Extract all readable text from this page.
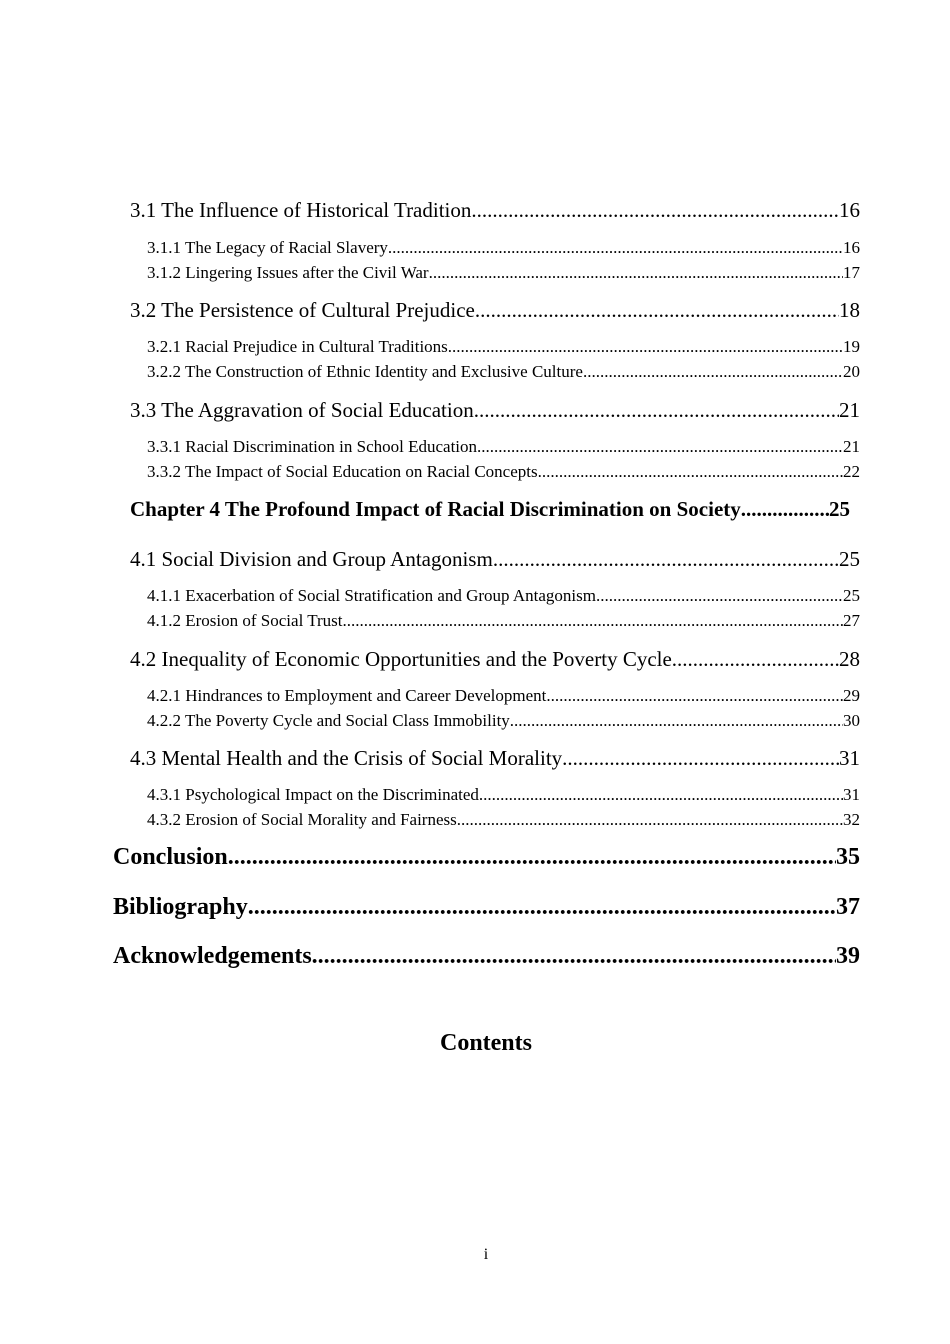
3.1 The Influence of Historical Tradition .....	16
3.1.1 The Legacy of Racial Slavery .....	16
3.1.2 Lingering Issues after the Civil War .....	17
3.2 The Persistence of Cultural Prejudice .....	18
3.2.1 Racial Prejudice in Cultural Traditions .....	19
3.2.2 The Construction of Ethnic Identity and Exclusive Culture .....	20
3.3 The Aggravation of Social Education .....	21
3.3.1 Racial Discrimination in School Education .....	21
3.3.2 The Impact of Social Education on Racial Concepts .....	22
Chapter 4 The Profound Impact of Racial Discrimination on Society .....	25
4.1 Social Division and Group Antagonism .....	25
4.1.1 Exacerbation of Social Stratification and Group Antagonism .....	25
4.1.2 Erosion of Social Trust .....	27
4.2 Inequality of Economic Opportunities and the Poverty Cycle .....	28
4.2.1 Hindrances to Employment and Career Development .....	29
4.2.2 The Poverty Cycle and Social Class Immobility .....	30
4.3 Mental Health and the Crisis of Social Morality .....	31
4.3.1 Psychological Impact on the Discriminated .....	31
4.3.2 Erosion of Social Morality and Fairness .....	32
Conclusion .....	35
Bibliography .....	37
Acknowledgements .....	39
Contents
i
